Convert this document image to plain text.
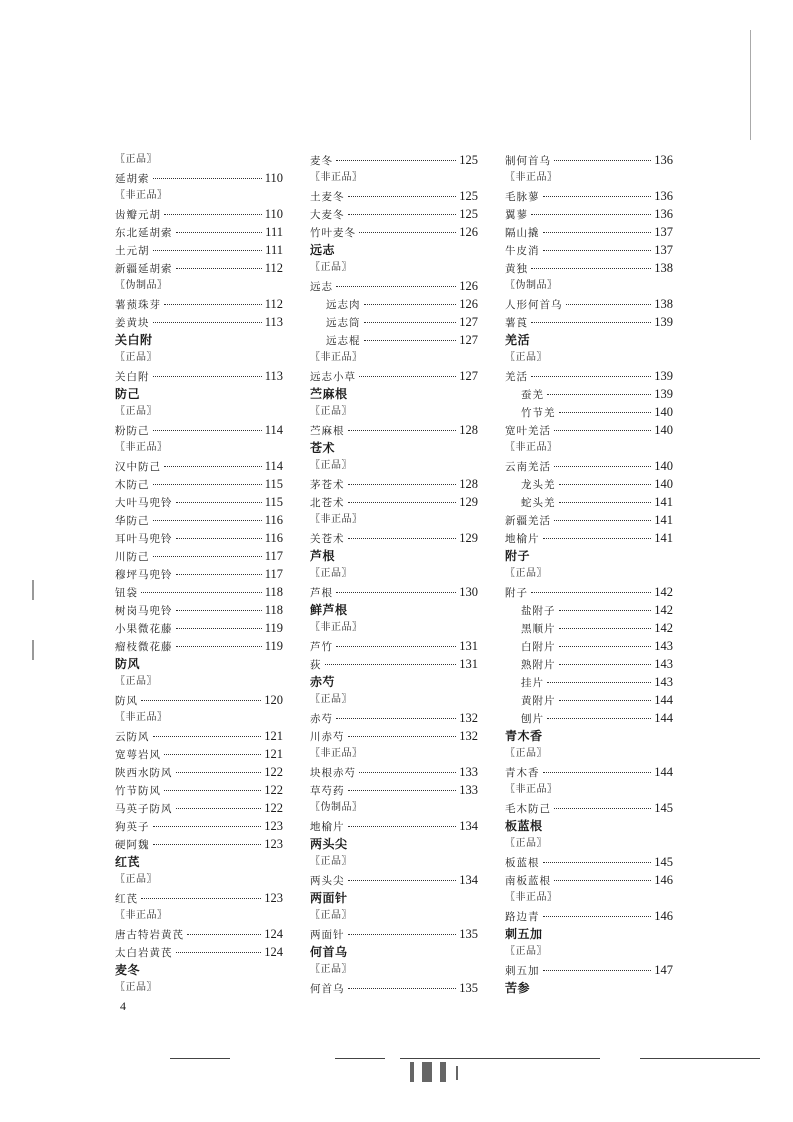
〖正品〗
延胡索	110
〖非正品〗
齿瓣元胡	110
东北延胡索	111
土元胡	111
新疆延胡索	112
〖伪制品〗
薯蓣珠芽	112
姜黄块	113
关白附
〖正品〗
关白附	113
防己
〖正品〗
粉防己	114
〖非正品〗
汉中防己	114
木防己	115
大叶马兜铃	115
华防己	116
耳叶马兜铃	116
川防己	117
穆坪马兜铃	117
钮袋	118
树岗马兜铃	118
小果微花藤	119
瘤枝微花藤	119
防风
〖正品〗
防风	120
〖非正品〗
云防风	121
宽萼岩风	121
陕西水防风	122
竹节防风	122
马英子防风	122
狗英子	123
硬阿魏	123
红芪
〖正品〗
红芪	123
〖非正品〗
唐古特岩黄芪	124
太白岩黄芪	124
麦冬
〖正品〗
麦冬	125
〖非正品〗
土麦冬	125
大麦冬	125
竹叶麦冬	126
远志
〖正品〗
远志	126
远志肉	126
远志筒	127
远志棍	127
〖非正品〗
远志小草	127
苎麻根
〖正品〗
苎麻根	128
苍术
〖正品〗
茅苍术	128
北苍术	129
〖非正品〗
关苍术	129
芦根
〖正品〗
芦根	130
鲜芦根
〖非正品〗
芦竹	131
荻	131
赤芍
〖正品〗
赤芍	132
川赤芍	132
〖非正品〗
块根赤芍	133
草芍药	133
〖伪制品〗
地榆片	134
两头尖
〖正品〗
两头尖	134
两面针
〖正品〗
两面针	135
何首乌
〖正品〗
何首乌	135
制何首乌	136
〖非正品〗
毛脉蓼	136
翼蓼	136
隔山撬	137
牛皮消	137
黄独	138
〖伪制品〗
人形何首乌	138
薯莨	139
羌活
〖正品〗
羌活	139
蚕羌	139
竹节羌	140
宽叶羌活	140
〖非正品〗
云南羌活	140
龙头羌	140
蛇头羌	141
新疆羌活	141
地榆片	141
附子
〖正品〗
附子	142
盐附子	142
黑顺片	142
白附片	143
熟附片	143
挂片	143
黄附片	144
刨片	144
青木香
〖正品〗
青木香	144
〖非正品〗
毛木防己	145
板蓝根
〖正品〗
板蓝根	145
南板蓝根	146
〖非正品〗
路边青	146
刺五加
〖正品〗
刺五加	147
苦参
4
